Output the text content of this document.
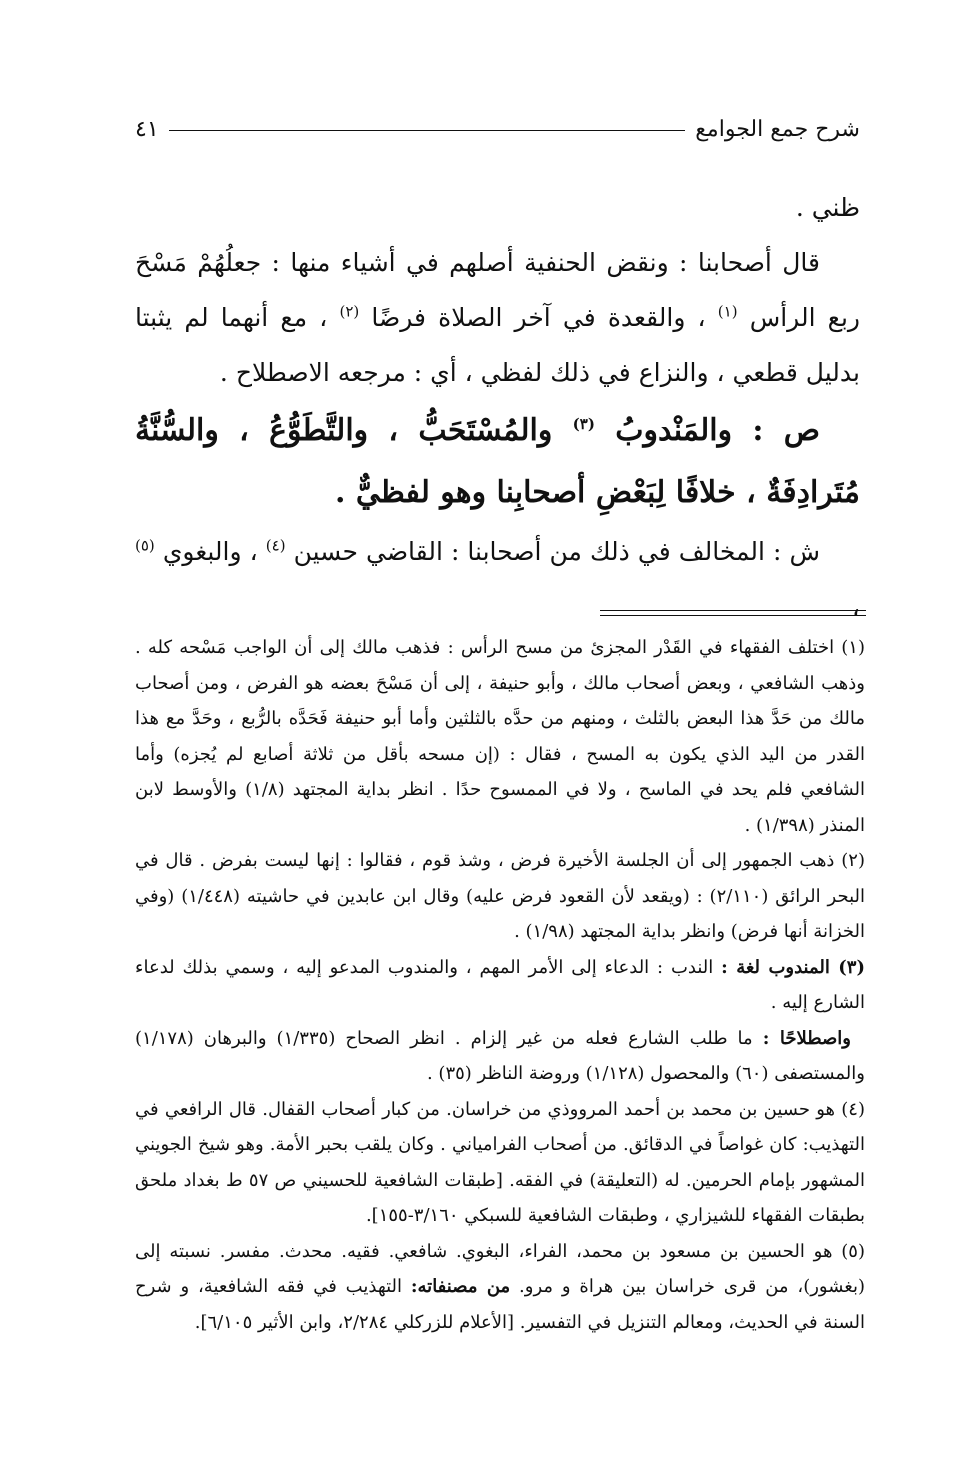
شرح جمع الجوامع
٤١

ظني .

قال أصحابنا : ونقض الحنفية أصلهم في أشياء منها : جعلُهُمْ مَسْحَ ربع الرأس $^{(١)}$ ، والقعدة في آخر الصلاة فرضًا $^{(٢)}$ ، مع أنهما لم يثبتا بدليل قطعي ، والنزاع في ذلك لفظي ، أي : مرجعه الاصطلاح .

ص : والمَنْدوبُ $^{(٣)}$ والمُسْتَحَبُّ ، والتَّطَوُّعُ ، والسُّنَّةُ مُتَرادِفَةٌ ، خلافًا لِبَعْضِ أصحابِنا وهو لفظيٌّ .

ش : المخالف في ذلك من أصحابنا : القاضي حسين $^{(٤)}$ ، والبغوي $^{(٥)}$ ،

(١) اختلف الفقهاء في القَدْر المجزئ من مسح الرأس : فذهب مالك إلى أن الواجب مَسْحه كله . وذهب الشافعي ، وبعض أصحاب مالك ، وأبو حنيفة ، إلى أن مَسْحَ بعضه هو الفرض ، ومن أصحاب مالك من حَدَّ هذا البعض بالثلث ، ومنهم من حدَّه بالثلثين وأما أبو حنيفة فَحَدَّه بالرُّبع ، وحَدَّ مع هذا القدر من اليد الذي يكون به المسح ، فقال : (إن مسحه بأقل من ثلاثة أصابع لم يُجزه) وأما الشافعي فلم يحد في الماسح ، ولا في الممسوح حدًا . انظر بداية المجتهد (١/٨) والأوسط لابن المنذر (١/٣٩٨) .

(٢) ذهب الجمهور إلى أن الجلسة الأخيرة فرض ، وشذ قوم ، فقالوا : إنها ليست بفرض . قال في البحر الرائق (٢/١١٠) : (ويقعد لأن القعود فرض عليه) وقال ابن عابدين في حاشيته (١/٤٤٨) (وفي الخزانة أنها فرض) وانظر بداية المجتهد (١/٩٨) .

(٣) المندوب لغة : الندب : الدعاء إلى الأمر المهم ، والمندوب المدعو إليه ، وسمي بذلك لدعاء الشارع إليه .

واصطلاحًا : ما طلب الشارع فعله من غير إلزام . انظر الصحاح (١/٣٣٥) والبرهان (١/١٧٨) والمستصفى (٦٠) والمحصول (١/١٢٨) وروضة الناظر (٣٥) .

(٤) هو حسين بن محمد بن أحمد المرووذي من خراسان. من كبار أصحاب القفال. قال الرافعي في التهذيب: كان غواصاً في الدقائق. من أصحاب الفرامياني . وكان يلقب بحبر الأمة. وهو شيخ الجويني المشهور بإمام الحرمين. له (التعليقة) في الفقه. [طبقات الشافعية للحسيني ص ٥٧ ط بغداد ملحق بطبقات الفقهاء للشيزاري ، وطبقات الشافعية للسبكي ٣/١٦٠-١٥٥].

(٥) هو الحسين بن مسعود بن محمد، الفراء، البغوي. شافعي. فقيه. محدث. مفسر. نسبته إلى (بغشور)، من قرى خراسان بين هراة و مرو. من مصنفاته: التهذيب في فقه الشافعية، و شرح السنة في الحديث، ومعالم التنزيل في التفسير. [الأعلام للزركلي ٢/٢٨٤، وابن الأثير ٦/١٠٥].
